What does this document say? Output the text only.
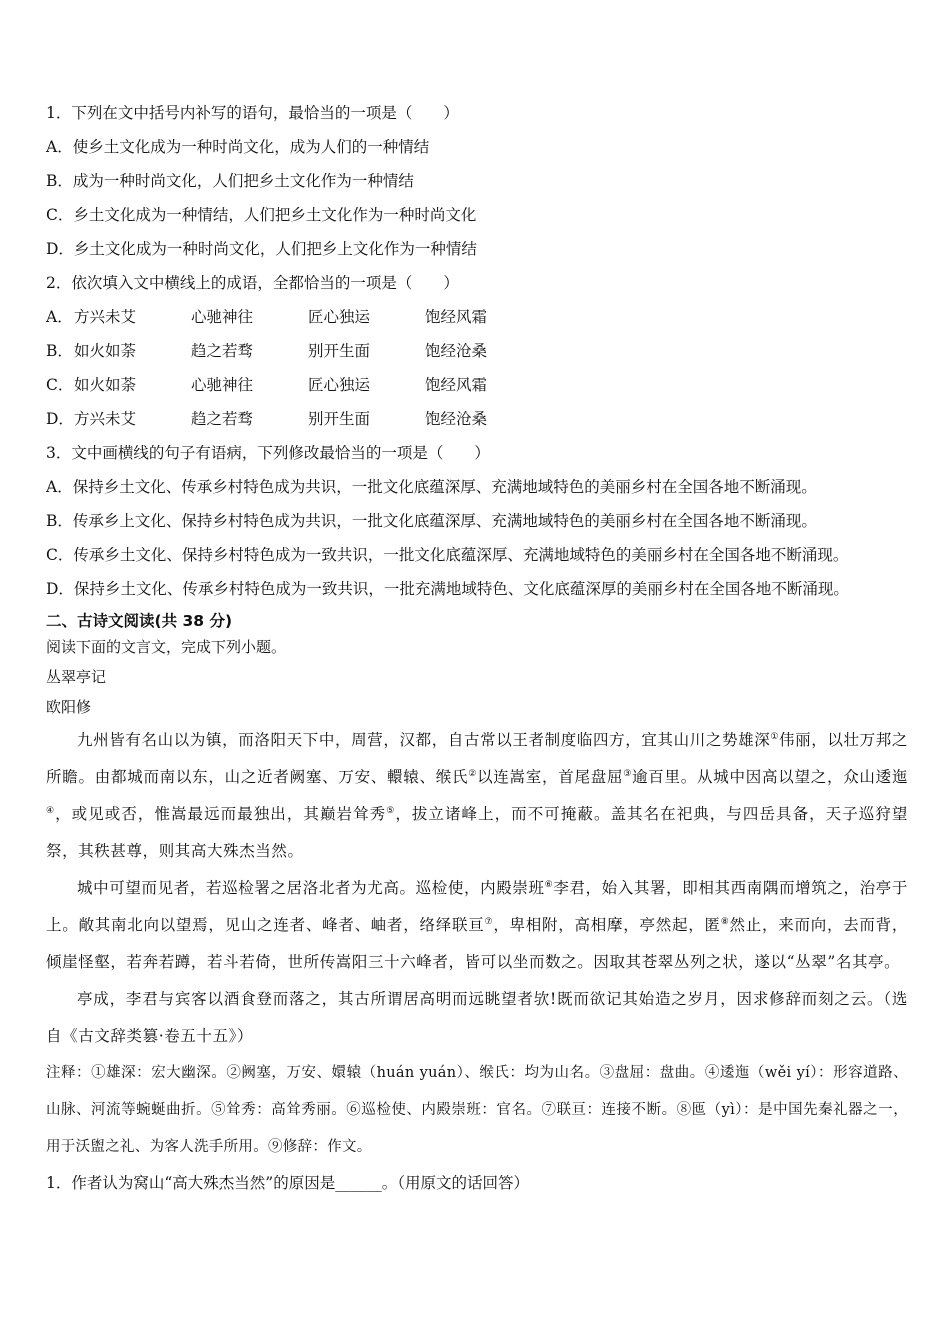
1．下列在文中括号内补写的语句，最恰当的一项是（　　）
A．使乡土文化成为一种时尚文化，成为人们的一种情结
B．成为一种时尚文化，人们把乡土文化作为一种情结
C．乡土文化成为一种情结，人们把乡土文化作为一种时尚文化
D．乡土文化成为一种时尚文化，人们把乡上文化作为一种情结
2．依次填入文中横线上的成语，全都恰当的一项是（　　）
A． 方兴未艾	心驰神往	匠心独运	饱经风霜
B． 如火如荼	趋之若骛	别开生面	饱经沧桑
C． 如火如荼	心驰神往	匠心独运	饱经风霜
D． 方兴未艾	趋之若骛	别开生面	饱经沧桑
3．文中画横线的句子有语病，下列修改最恰当的一项是（　　）
A．保持乡土文化、传承乡村特色成为共识，一批文化底蕴深厚、充满地域特色的美丽乡村在全国各地不断涌现。
B．传承乡上文化、保持乡村特色成为共识，一批文化底蕴深厚、充满地域特色的美丽乡村在全国各地不断涌现。
C．传承乡土文化、保持乡村特色成为一致共识，一批文化底蕴深厚、充满地域特色的美丽乡村在全国各地不断涌现。
D．保持乡土文化、传承乡村特色成为一致共识，一批充满地域特色、文化底蕴深厚的美丽乡村在全国各地不断涌现。
二、古诗文阅读(共 38 分)
阅读下面的文言文，完成下列小题。
丛翠亭记
欧阳修
九州皆有名山以为镇，而洛阳天下中，周营，汉都，自古常以王者制度临四方，宜其山川之势雄深①伟丽，以壮万邦之所瞻。由都城而南以东，山之近者阙塞、万安、轘辕、缑氏②以连嵩室，首尾盘屈③逾百里。从城中因高以望之，众山逶迤④，或见或否，惟嵩最远而最独出，其巅岩耸秀⑤，拔立诸峰上，而不可掩蔽。盖其名在祀典，与四岳具备，天子巡狩望祭，其秩甚尊，则其高大殊杰当然。
城中可望而见者，若巡检署之居洛北者为尤高。巡检使，内殿崇班⑥李君，始入其署，即相其西南隅而增筑之，治亭于上。敞其南北向以望焉，见山之连者、峰者、岫者，络绎联亘⑦，卑相附，高相摩，亭然起，匿⑧然止，来而向，去而背，倾崖怪壑，若奔若蹲，若斗若倚，世所传嵩阳三十六峰者，皆可以坐而数之。因取其苍翠丛列之状，遂以“丛翠”名其亭。
亭成，李君与宾客以酒食登而落之，其古所谓居高明而远眺望者欤!既而欲记其始造之岁月，因求修辞而刻之云。（选自《古文辞类篡·卷五十五》）
注释：①雄深：宏大幽深。②阙塞，万安、嬛辕（huán yuán）、缑氏：均为山名。③盘屈：盘曲。④逶迤（wěi yí）：形容道路、山脉、河流等蜿蜒曲折。⑤耸秀：高耸秀丽。⑥巡检使、内殿崇班：官名。⑦联亘：连接不断。⑧匜（yì）：是中国先秦礼器之一，用于沃盥之礼、为客人洗手所用。⑨修辞：作文。
1．作者认为窝山“高大殊杰当然”的原因是______。（用原文的话回答）
